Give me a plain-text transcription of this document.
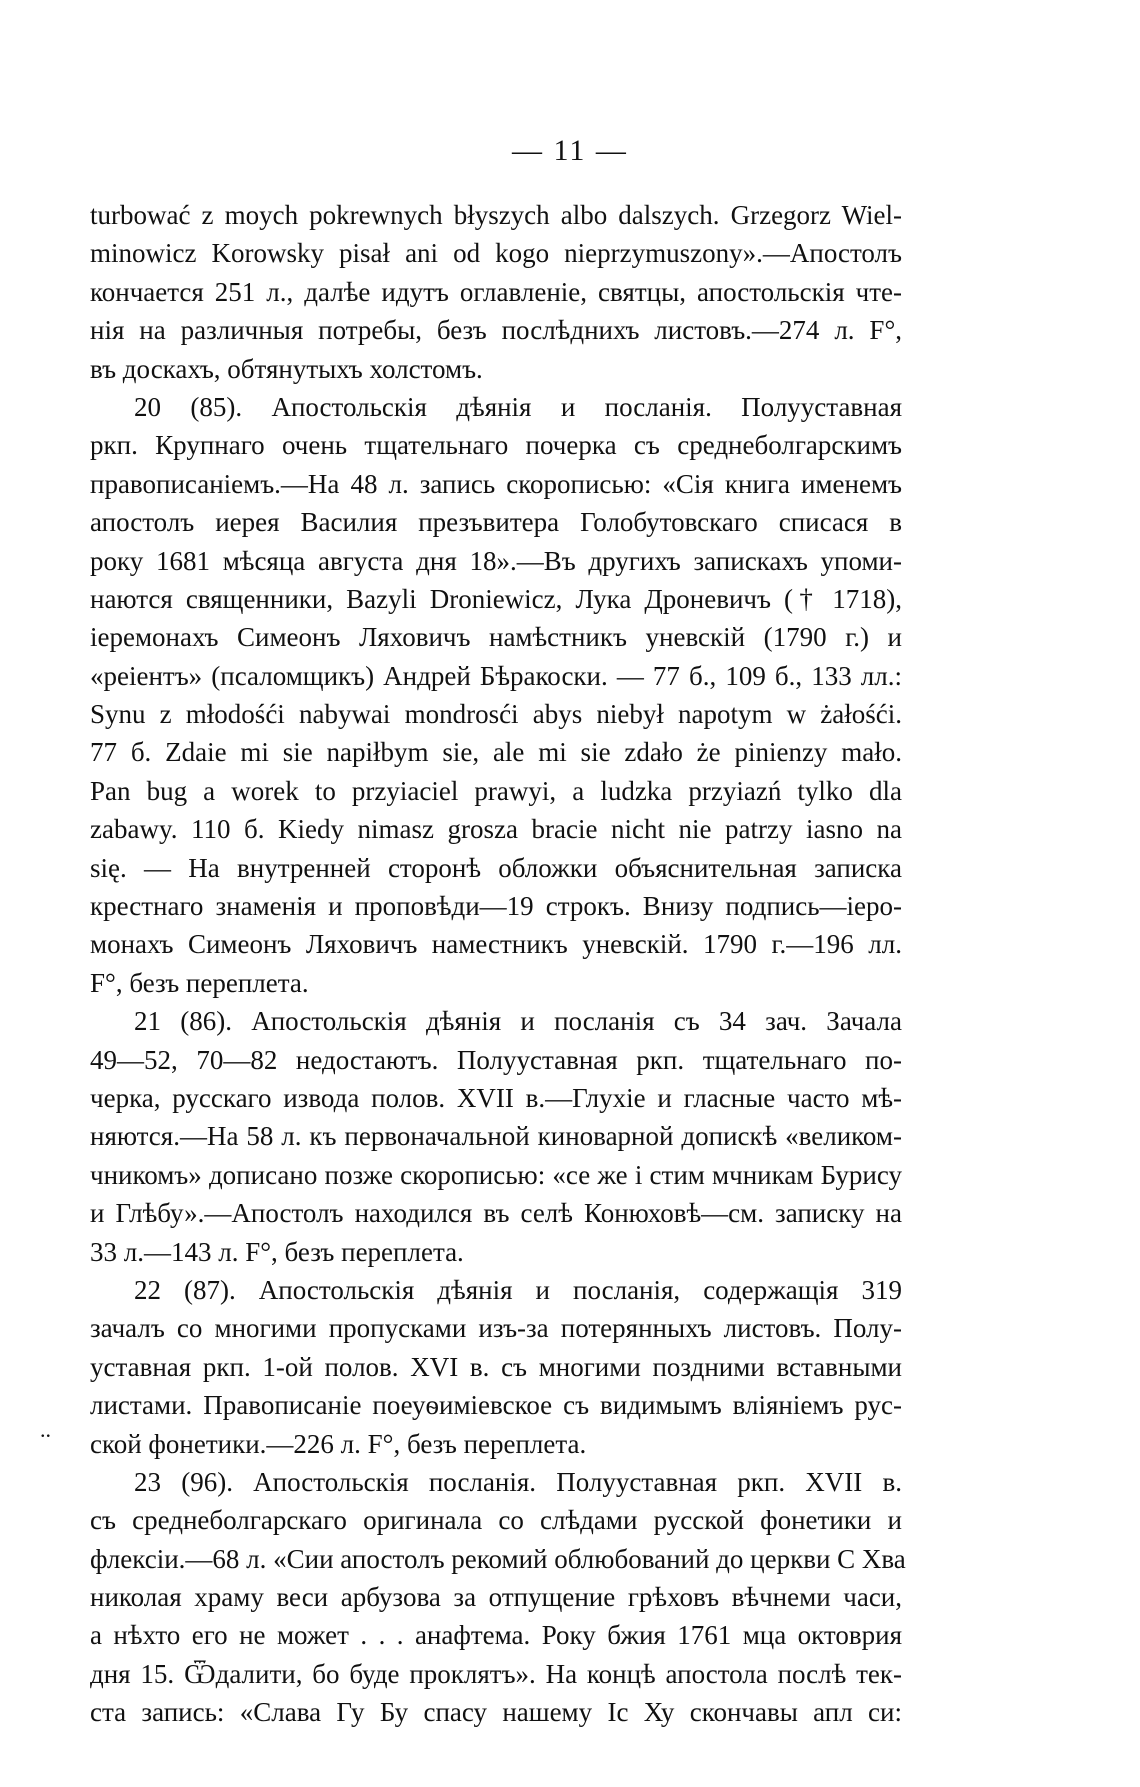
— 11 —
..
turbować z moych pokrewnych błyszych albo dalszych. Grzegorz Wiel-
minowicz Korowsky pisał ani od kogo nieprzymuszony».—Апостолъ
кончается 251 л., далѣе идутъ оглавленіе, святцы, апостольскія чте-
нія на различныя потребы, безъ послѣднихъ листовъ.—274 л. F°,
въ доскахъ, обтянутыхъ холстомъ.
20 (85). Апостольскія дѣянія и посланія. Полууставная
ркп. Крупнаго очень тщательнаго почерка съ среднеболгарскимъ
правописаніемъ.—На 48 л. запись скорописью: «Сія книга именемъ
апостолъ иерея Василия презъвитера Голобутовскаго списася в
року 1681 мѣсяца августа дня 18».—Въ другихъ запискахъ упоми-
наются священники, Bazyli Droniewicz, Лука Дроневичъ († 1718),
іеремонахъ Симеонъ Ляховичъ намѣстникъ уневскій (1790 г.) и
«реіентъ» (псаломщикъ) Андрей Бѣракоски. — 77 б., 109 б., 133 лл.:
Synu z młodośći nabywai mondrosći abys niebył napotym w żałośći.
77 б. Zdaie mi sie napiłbym sie, ale mi sie zdało że pinienzy mało.
Pan bug a worek to przyiaciel prawyi, a ludzka przyiazń tylko dla
zabawy. 110 б. Kiedy nimasz grosza bracie nicht nie patrzy iasno na
się. — На внутренней сторонѣ обложки объяснительная записка
крестнаго знаменія и проповѣди—19 строкъ. Внизу подпись—іеро-
монахъ Симеонъ Ляховичъ наместникъ уневскій. 1790 г.—196 лл.
F°, безъ переплета.
21 (86). Апостольскія дѣянія и посланія съ 34 зач. Зачала
49—52, 70—82 недостаютъ. Полууставная ркп. тщательнаго по-
черка, русскаго извода полов. XVII в.—Глухіе и гласные часто мѣ-
няются.—На 58 л. къ первоначальной киноварной допискѣ «великом-
чникомъ» дописано позже скорописью: «се же і стим мчникам Бурису
и Глѣбу».—Апостолъ находился въ селѣ Конюховѣ—см. записку на
33 л.—143 л. F°, безъ переплета.
22 (87). Апостольскія дѣянія и посланія, содержащія 319
зачалъ со многими пропусками изъ-за потерянныхъ листовъ. Полу-
уставная ркп. 1-ой полов. XVI в. съ многими поздними вставными
листами. Правописаніе поеуѳиміевское съ видимымъ вліяніемъ рус-
ской фонетики.—226 л. F°, безъ переплета.
23 (96). Апостольскія посланія. Полууставная ркп. XVII в.
съ среднеболгарскаго оригинала со слѣдами русской фонетики и
флексіи.—68 л. «Сии апостолъ рекомий облюбований до церкви С Хва
николая храму веси арбузова за отпущение грѣховъ вѣчнеми часи,
а нѣхто его не может . . . анафтема. Року бжия 1761 мца октоврия
дня 15. Ѿдалити, бо буде проклятъ». На концѣ апостола послѣ тек-
ста запись: «Слава Гу Бу спасу нашему Іс Ху скончавы апл си:
